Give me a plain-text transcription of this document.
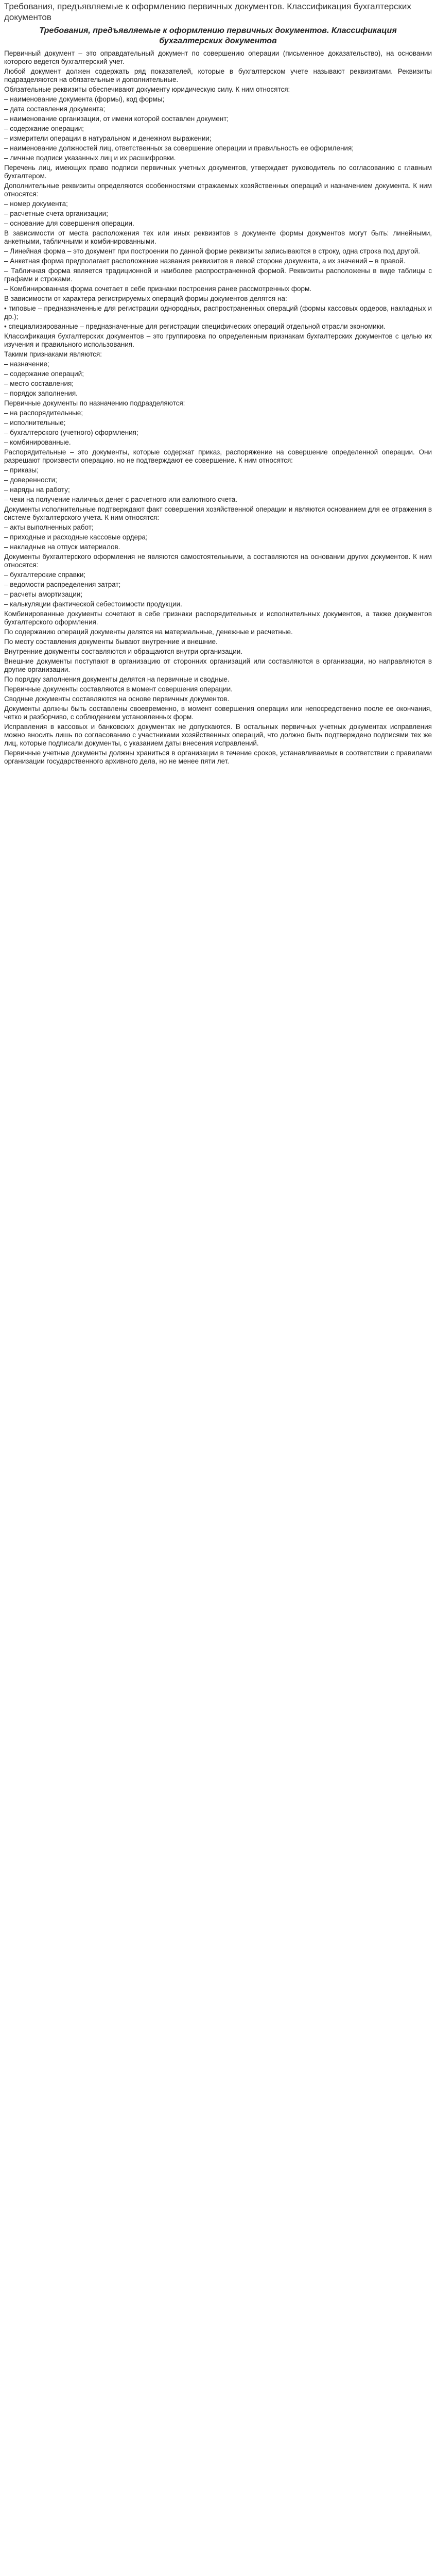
Требования, предъявляемые к оформлению первичных документов. Классификация бухгалтерских документов
Требования, предъявляемые к оформлению первичных документов. Классификация бухгалтерских документов

Первичный документ – это оправдательный документ по совершению операции (письменное доказательство), на основании которого ведется бухгалтерский учет.

Любой документ должен содержать ряд показателей, которые в бухгалтерском учете называют реквизитами. Реквизиты подразделяются на обязательные и дополнительные.

Обязательные реквизиты обеспечивают документу юридическую силу. К ним относятся:

– наименование документа (формы), код формы;

– дата составления документа;

– наименование организации, от имени которой составлен документ;

– содержание операции;

– измерители операции в натуральном и денежном выражении;

– наименование должностей лиц, ответственных за совершение операции и правильность ее оформления;

– личные подписи указанных лиц и их расшифровки.

Перечень лиц, имеющих право подписи первичных учетных документов, утверждает руководитель по согласованию с главным бухгалтером.

Дополнительные реквизиты определяются особенностями отражаемых хозяйственных операций и назначением документа. К ним относятся:

– номер документа;

– расчетные счета организации;

– основание для совершения операции.

В зависимости от места расположения тех или иных реквизитов в документе формы документов могут быть: линейными, анкетными, табличными и комбинированными.

– Линейная форма – это документ при построении по данной форме реквизиты записываются в строку, одна строка под другой.

– Анкетная форма предполагает расположение названия реквизитов в левой стороне документа, а их значений – в правой.

– Табличная форма является традиционной и наиболее распространенной формой. Реквизиты расположены в виде таблицы с графами и строками.

– Комбинированная форма сочетает в себе признаки построения ранее рассмотренных форм.

В зависимости от характера регистрируемых операций формы документов делятся на:

• типовые – предназначенные для регистрации однородных, распространенных операций (формы кассовых ордеров, накладных и др.);

• специализированные – предназначенные для регистрации специфических операций отдельной отрасли экономики.

Классификация бухгалтерских документов – это группировка по определенным признакам бухгалтерских документов с целью их изучения и правильного использования.

Такими признаками являются:

– назначение;

– содержание операций;

– место составления;

– порядок заполнения.

Первичные документы по назначению подразделяются:

– на распорядительные;

– исполнительные;

– бухгалтерского (учетного) оформления;

– комбинированные.

Распорядительные – это документы, которые содержат приказ, распоряжение на совершение определенной операции. Они разрешают произвести операцию, но не подтверждают ее совершение. К ним относятся:

– приказы;

– доверенности;

– наряды на работу;

– чеки на получение наличных денег с расчетного или валютного счета.

Документы исполнительные подтверждают факт совершения хозяйственной операции и являются основанием для ее отражения в системе бухгалтерского учета. К ним относятся:

– акты выполненных работ;

– приходные и расходные кассовые ордера;

– накладные на отпуск материалов.

Документы бухгалтерского оформления не являются самостоятельными, а составляются на основании других документов. К ним относятся:

– бухгалтерские справки;

– ведомости распределения затрат;

– расчеты амортизации;

– калькуляции фактической себестоимости продукции.

Комбинированные документы сочетают в себе признаки распорядительных и исполнительных документов, а также документов бухгалтерского оформления.

По содержанию операций документы делятся на материальные, денежные и расчетные.

По месту составления документы бывают внутренние и внешние.

Внутренние документы составляются и обращаются внутри организации.

Внешние документы поступают в организацию от сторонних организаций или составляются в организации, но направляются в другие организации.

По порядку заполнения документы делятся на первичные и сводные.

Первичные документы составляются в момент совершения операции.

Сводные документы составляются на основе первичных документов.

Документы должны быть составлены своевременно, в момент совершения операции или непосредственно после ее окончания, четко и разборчиво, с соблюдением установленных форм.

Исправления в кассовых и банковских документах не допускаются. В остальных первичных учетных документах исправления можно вносить лишь по согласованию с участниками хозяйственных операций, что должно быть подтверждено подписями тех же лиц, которые подписали документы, с указанием даты внесения исправлений.

Первичные учетные документы должны храниться в организации в течение сроков, устанавливаемых в соответствии с правилами организации государственного архивного дела, но не менее пяти лет.
